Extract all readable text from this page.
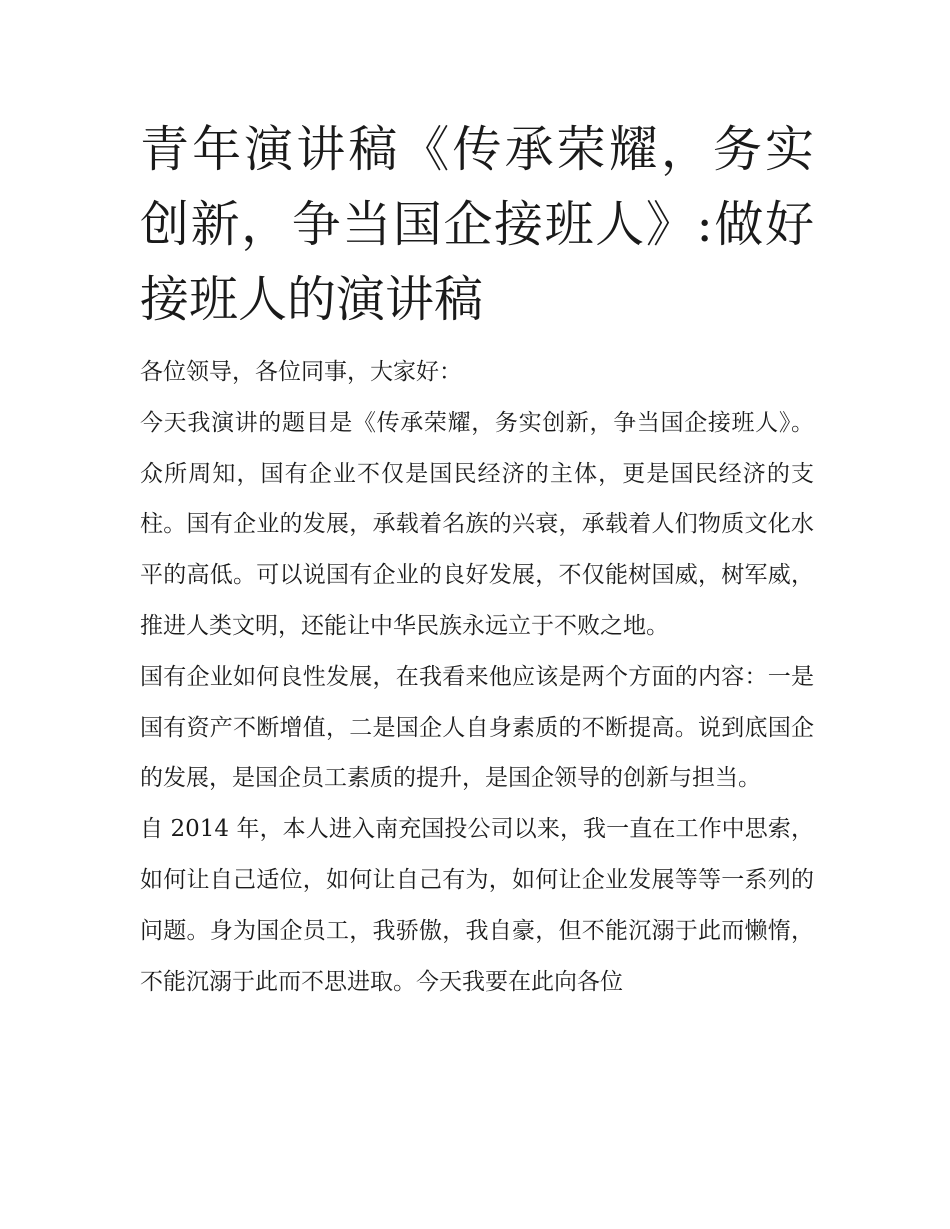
青年演讲稿《传承荣耀，务实创新，争当国企接班人》:做好接班人的演讲稿

各位领导，各位同事，大家好：

今天我演讲的题目是《传承荣耀，务实创新，争当国企接班人》。众所周知，国有企业不仅是国民经济的主体，更是国民经济的支柱。国有企业的发展，承载着名族的兴衰，承载着人们物质文化水平的高低。可以说国有企业的良好发展，不仅能树国威，树军威，推进人类文明，还能让中华民族永远立于不败之地。

国有企业如何良性发展，在我看来他应该是两个方面的内容：一是国有资产不断增值，二是国企人自身素质的不断提高。说到底国企的发展，是国企员工素质的提升，是国企领导的创新与担当。

自 2014 年，本人进入南充国投公司以来，我一直在工作中思索，如何让自己适位，如何让自己有为，如何让企业发展等等一系列的问题。身为国企员工，我骄傲，我自豪，但不能沉溺于此而懒惰，不能沉溺于此而不思进取。今天我要在此向各位
